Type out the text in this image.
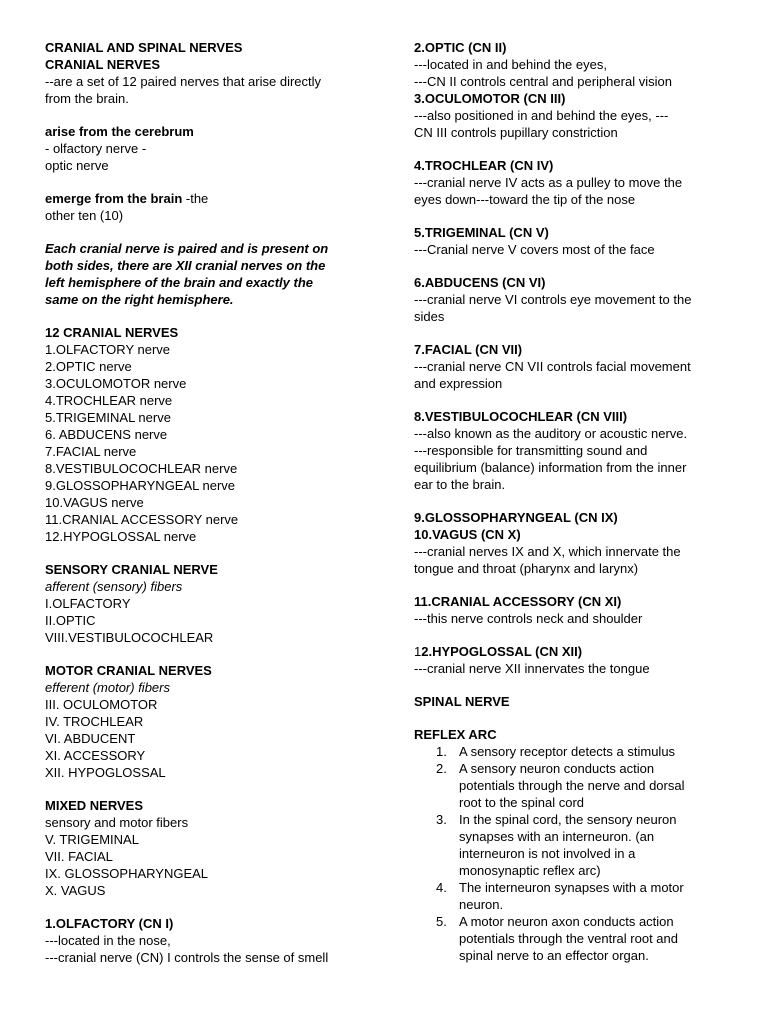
CRANIAL AND SPINAL NERVES
CRANIAL NERVES
--are a set of 12 paired nerves that arise directly
from the brain.
arise from the cerebrum
- olfactory nerve -
optic nerve
emerge from the brain -the
other ten (10)
Each cranial nerve is paired and is present on
both sides, there are XII cranial nerves on the
left hemisphere of the brain and exactly the
same on the right hemisphere.
12 CRANIAL NERVES
1.OLFACTORY nerve
2.OPTIC nerve
3.OCULOMOTOR nerve
4.TROCHLEAR nerve
5.TRIGEMINAL nerve
6. ABDUCENS nerve
7.FACIAL nerve
8.VESTIBULOCOCHLEAR nerve
9.GLOSSOPHARYNGEAL nerve
10.VAGUS nerve
11.CRANIAL ACCESSORY nerve
12.HYPOGLOSSAL nerve
SENSORY CRANIAL NERVE
afferent (sensory) fibers
I.OLFACTORY
II.OPTIC
VIII.VESTIBULOCOCHLEAR
MOTOR CRANIAL NERVES
efferent (motor) fibers
III. OCULOMOTOR
IV. TROCHLEAR
VI. ABDUCENT
XI. ACCESSORY
XII. HYPOGLOSSAL
MIXED NERVES
sensory and motor fibers
V. TRIGEMINAL
VII. FACIAL
IX. GLOSSOPHARYNGEAL
X. VAGUS
1.OLFACTORY (CN I)
---located in the nose,
---cranial nerve (CN) I controls the sense of smell
2.OPTIC (CN II)
---located in and behind the eyes,
---CN II controls central and peripheral vision
3.OCULOMOTOR (CN III)
---also positioned in and behind the eyes, ---
CN III controls pupillary constriction
4.TROCHLEAR (CN IV)
---cranial nerve IV acts as a pulley to move the
eyes down---toward the tip of the nose
5.TRIGEMINAL (CN V)
---Cranial nerve V covers most of the face
6.ABDUCENS (CN VI)
---cranial nerve VI controls eye movement to the
sides
7.FACIAL (CN VII)
---cranial nerve CN VII controls facial movement
and expression
8.VESTIBULOCOCHLEAR (CN VIII)
---also known as the auditory or acoustic nerve.
---responsible for transmitting sound and
equilibrium (balance) information from the inner
ear to the brain.
9.GLOSSOPHARYNGEAL (CN IX)
10.VAGUS (CN X)
---cranial nerves IX and X, which innervate the
tongue and throat (pharynx and larynx)
11.CRANIAL ACCESSORY (CN XI)
---this nerve controls neck and shoulder
12.HYPOGLOSSAL (CN XII)
---cranial nerve XII innervates the tongue
SPINAL NERVE
REFLEX ARC
1. A sensory receptor detects a stimulus
2. A sensory neuron conducts action
potentials through the nerve and dorsal
root to the spinal cord
3. In the spinal cord, the sensory neuron
synapses with an interneuron. (an
interneuron is not involved in a
monosynaptic reflex arc)
4. The interneuron synapses with a motor
neuron.
5. A motor neuron axon conducts action
potentials through the ventral root and
spinal nerve to an effector organ.
